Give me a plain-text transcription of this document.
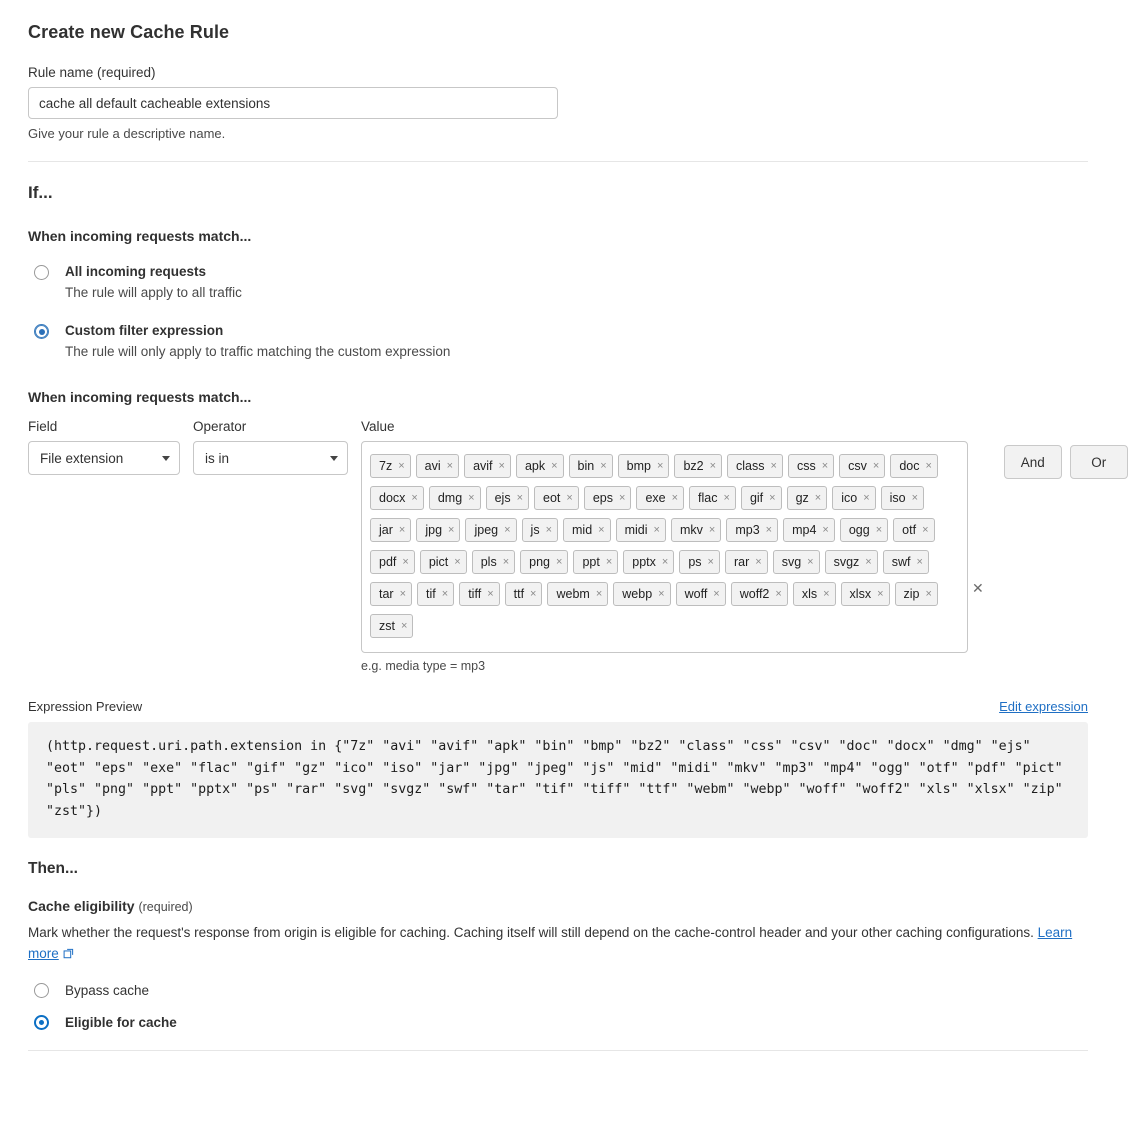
Create new Cache Rule
Rule name (required)
cache all default cacheable extensions
Give your rule a descriptive name.
If...
When incoming requests match...
All incoming requests
The rule will apply to all traffic
Custom filter expression
The rule will only apply to traffic matching the custom expression
When incoming requests match...
Field
File extension
Operator
is in
Value
7z × avi × avif × apk × bin × bmp × bz2 × class × css × csv × doc ×
docx × dmg × ejs × eot × eps × exe × flac × gif × gz × ico × iso ×
jar × jpg × jpeg × js × mid × midi × mkv × mp3 × mp4 × ogg × otf ×
pdf × pict × pls × png × ppt × pptx × ps × rar × svg × svgz × swf ×
tar × tif × tiff × ttf × webm × webp × woff × woff2 × xls × xlsx × zip ×
zst ×
e.g. media type = mp3
✕
And	Or
Expression Preview	Edit expression
(http.request.uri.path.extension in {"7z" "avi" "avif" "apk" "bin" "bmp" "bz2" "class" "css" "csv" "doc" "docx" "dmg" "ejs" "eot" "eps" "exe" "flac" "gif" "gz" "ico" "iso" "jar" "jpg" "jpeg" "js" "mid" "midi" "mkv" "mp3" "mp4" "ogg" "otf" "pdf" "pict" "pls" "png" "ppt" "pptx" "ps" "rar" "svg" "svgz" "swf" "tar" "tif" "tiff" "ttf" "webm" "webp" "woff" "woff2" "xls" "xlsx" "zip" "zst"})
Then...
Cache eligibility (required)
Mark whether the request's response from origin is eligible for caching. Caching itself will still depend on the cache-control header and your other caching configurations. Learn more
Bypass cache
Eligible for cache
